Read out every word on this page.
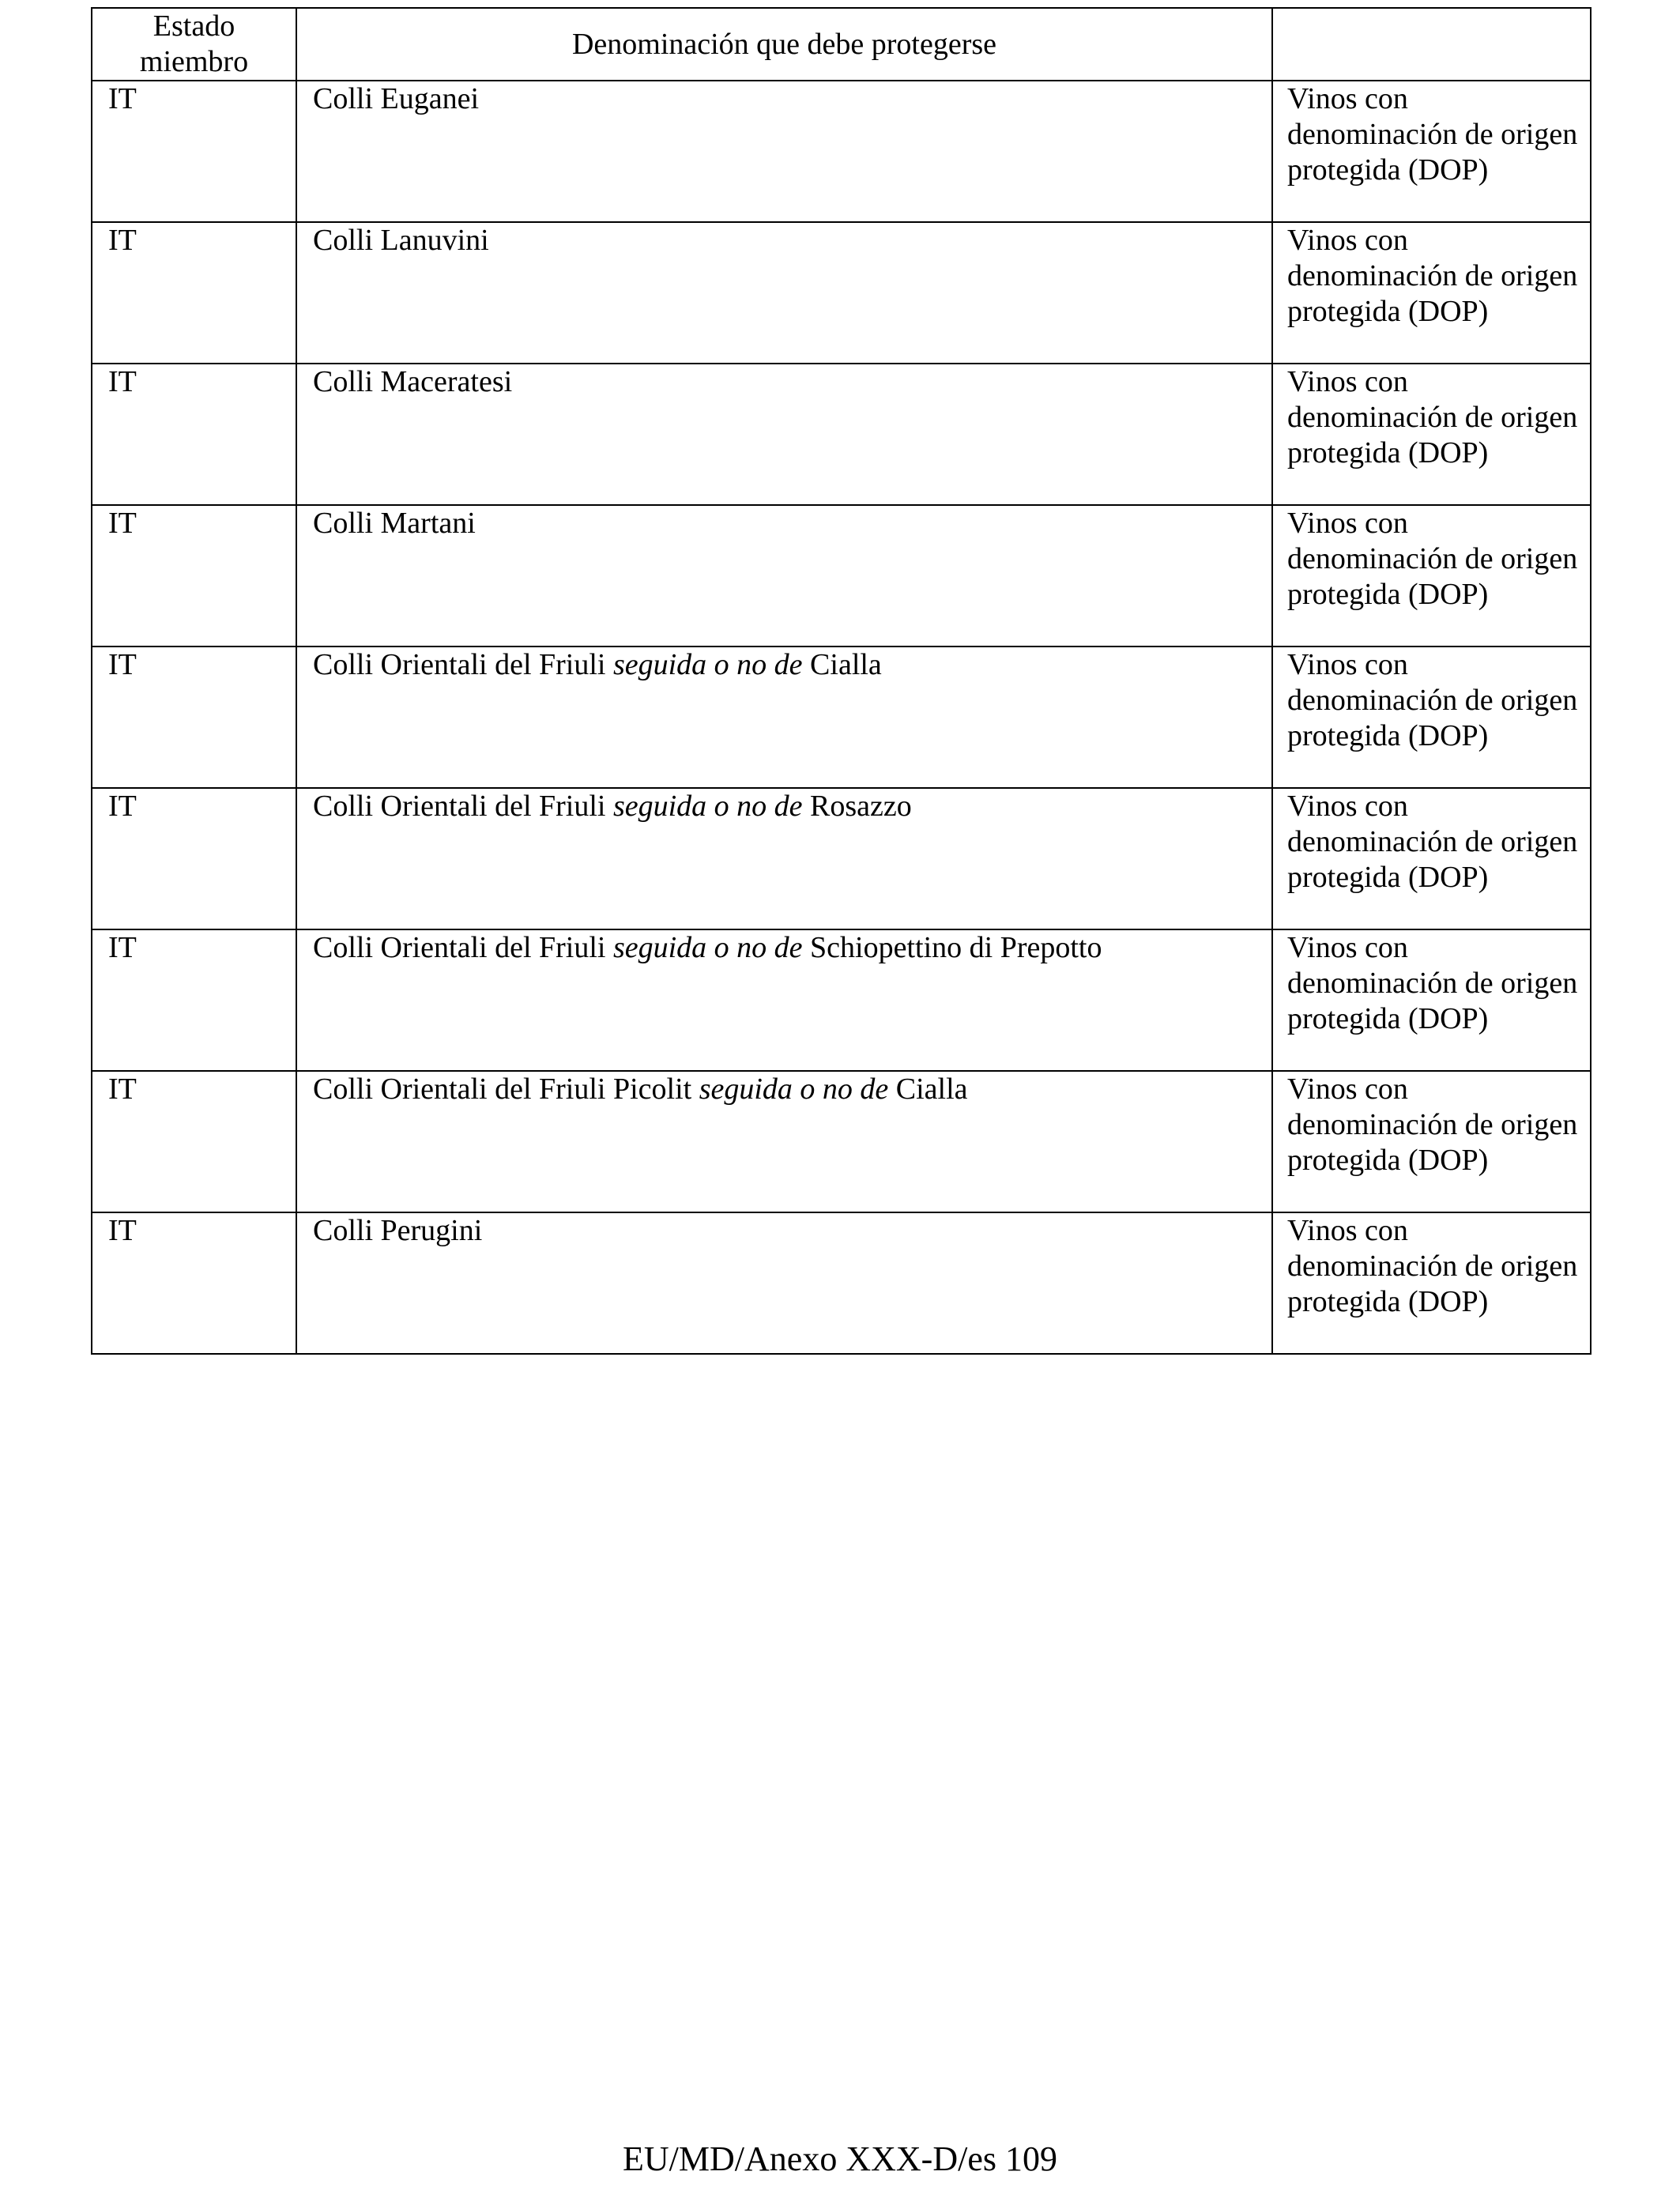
Estado miembro	Denominación que debe protegerse	
IT	Colli Euganei	Vinos con denominación de origen protegida (DOP)
IT	Colli Lanuvini	Vinos con denominación de origen protegida (DOP)
IT	Colli Maceratesi	Vinos con denominación de origen protegida (DOP)
IT	Colli Martani	Vinos con denominación de origen protegida (DOP)
IT	Colli Orientali del Friuli seguida o no de Cialla	Vinos con denominación de origen protegida (DOP)
IT	Colli Orientali del Friuli seguida o no de Rosazzo	Vinos con denominación de origen protegida (DOP)
IT	Colli Orientali del Friuli seguida o no de Schiopettino di Prepotto	Vinos con denominación de origen protegida (DOP)
IT	Colli Orientali del Friuli Picolit seguida o no de Cialla	Vinos con denominación de origen protegida (DOP)
IT	Colli Perugini	Vinos con denominación de origen protegida (DOP)
EU/MD/Anexo XXX-D/es 109
